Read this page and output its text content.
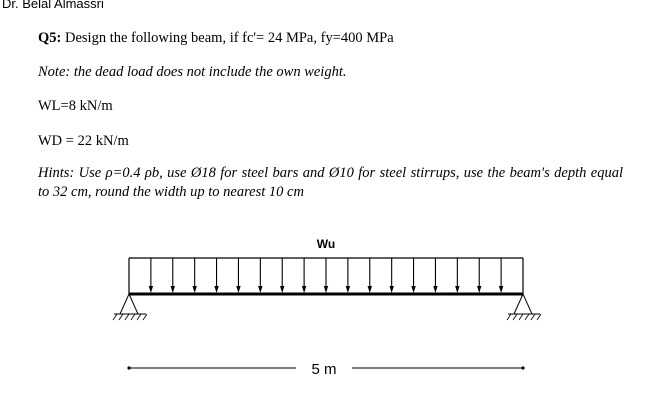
Dr. Belal Almassri
Q5: Design the following beam, if fc'= 24 MPa, fy=400 MPa
Note: the dead load does not include the own weight.
WL=8 kN/m
WD = 22 kN/m
Hints: Use ρ=0.4 ρb, use Ø18 for steel bars and Ø10 for steel stirrups, use the beam's depth equal to 32 cm, round the width up to nearest 10 cm
Wu
5 m
